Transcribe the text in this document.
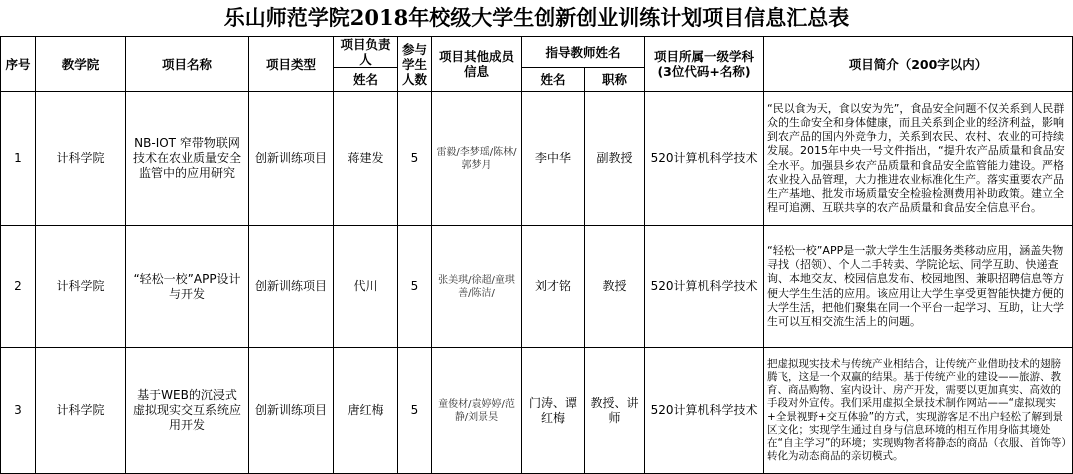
乐山师范学院2018年校级大学生创新创业训练计划项目信息汇总表
序号	教学院	项目名称	项目类型	项目负责人	参与学生人数	项目其他成员信息	指导教师姓名		项目所属一级学科(3位代码+名称)	项目简介（200字以内）
				姓名			姓名	职称		
1	计科学院	NB-IOT 窄带物联网技术在农业质量安全监管中的应用研究	创新训练项目	蒋建发	5	雷毅/李梦瑶/陈林/郭梦月	李中华	副教授	520计算机科学技术	“民以食为天，食以安为先”，食品安全问题不仅关系到人民群众的生命安全和身体健康，而且关系到企业的经济利益，影响到农产品的国内外竞争力，关系到农民、农村、农业的可持续发展。2015年中央一号文件指出，“提升农产品质量和食品安全水平。加强县乡农产品质量和食品安全监管能力建设。严格农业投入品管理，大力推进农业标准化生产。落实重要农产品生产基地、批发市场质量安全检验检测费用补助政策。建立全程可追溯、互联共享的农产品质量和食品安全信息平台。
2	计科学院	“轻松一校”APP设计与开发	创新训练项目	代川	5	张美琪/徐超/童琪善/陈洁/	刘才铭	教授	520计算机科学技术	“轻松一校”APP是一款大学生生活服务类移动应用，涵盖失物寻找（招领）、个人二手转卖、学院论坛、同学互助、快递查询、本地交友、校园信息发布、校园地图、兼职招聘信息等方便大学生生活的应用。该应用让大学生享受更智能快捷方便的大学生活，把他们聚集在同一个平台一起学习、互助，让大学生可以互相交流生活上的问题。
3	计科学院	基于WEB的沉浸式虚拟现实交互系统应用开发	创新训练项目	唐红梅	5	童俊材/袁婷婷/范静/刘景昊	门涛、谭红梅	教授、讲师	520计算机科学技术	把虚拟现实技术与传统产业相结合，让传统产业借助技术的翅膀腾飞，这是一个双赢的结果。基于传统产业的建设——旅游、教育、商品购物、室内设计、房产开发，需要以更加真实、高效的手段对外宣传。我们采用虚拟全景技术制作网站——“虚拟现实+全景视野+交互体验”的方式，实现游客足不出户轻松了解到景区文化；实现学生通过自身与信息环境的相互作用身临其境处在“自主学习”的环境；实现购物者将静态的商品（衣服、首饰等）转化为动态商品的亲切模式。
